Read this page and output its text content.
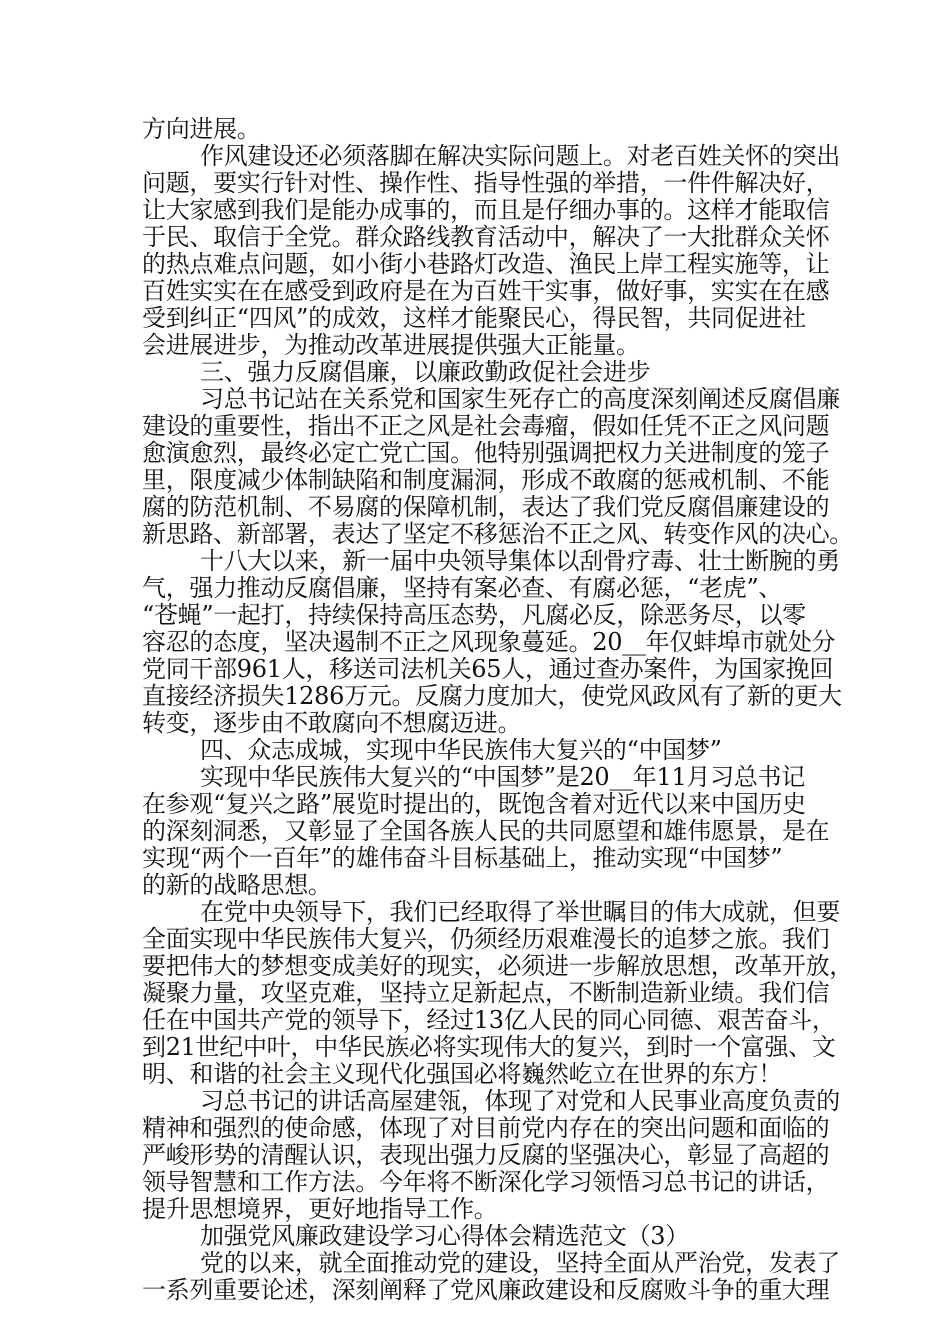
方向进展。
作风建设还必须落脚在解决实际问题上。对老百姓关怀的突出
问题，要实行针对性、操作性、指导性强的举措，一件件解决好，
让大家感到我们是能办成事的，而且是仔细办事的。这样才能取信
于民、取信于全党。群众路线教育活动中，解决了一大批群众关怀
的热点难点问题，如小街小巷路灯改造、渔民上岸工程实施等，让
百姓实实在在感受到政府是在为百姓干实事，做好事，实实在在感
受到纠正“四风”的成效，这样才能聚民心，得民智，共同促进社
会进展进步，为推动改革进展提供强大正能量。
三、强力反腐倡廉，以廉政勤政促社会进步
习总书记站在关系党和国家生死存亡的高度深刻阐述反腐倡廉
建设的重要性，指出不正之风是社会毒瘤，假如任凭不正之风问题
愈演愈烈，最终必定亡党亡国。他特别强调把权力关进制度的笼子
里，限度减少体制缺陷和制度漏洞，形成不敢腐的惩戒机制、不能
腐的防范机制、不易腐的保障机制，表达了我们党反腐倡廉建设的
新思路、新部署，表达了坚定不移惩治不正之风、转变作风的决心。
十八大以来，新一届中央领导集体以刮骨疗毒、壮士断腕的勇
气，强力推动反腐倡廉，坚持有案必查、有腐必惩，“老虎”、
“苍蝇”一起打，持续保持高压态势，凡腐必反，除恶务尽，以零
容忍的态度，坚决遏制不正之风现象蔓延。20__年仅蚌埠市就处分
党同干部961人，移送司法机关65人，通过查办案件，为国家挽回
直接经济损失1286万元。反腐力度加大，使党风政风有了新的更大
转变，逐步由不敢腐向不想腐迈进。
四、众志成城，实现中华民族伟大复兴的“中国梦”
实现中华民族伟大复兴的“中国梦”是20__年11月习总书记
在参观“复兴之路”展览时提出的，既饱含着对近代以来中国历史
的深刻洞悉，又彰显了全国各族人民的共同愿望和雄伟愿景，是在
实现“两个一百年”的雄伟奋斗目标基础上，推动实现“中国梦”
的新的战略思想。
在党中央领导下，我们已经取得了举世瞩目的伟大成就，但要
全面实现中华民族伟大复兴，仍须经历艰难漫长的追梦之旅。我们
要把伟大的梦想变成美好的现实，必须进一步解放思想，改革开放，
凝聚力量，攻坚克难，坚持立足新起点，不断制造新业绩。我们信
任在中国共产党的领导下，经过13亿人民的同心同德、艰苦奋斗，
到21世纪中叶，中华民族必将实现伟大的复兴，到时一个富强、文
明、和谐的社会主义现代化强国必将巍然屹立在世界的东方！
习总书记的讲话高屋建瓴，体现了对党和人民事业高度负责的
精神和强烈的使命感，体现了对目前党内存在的突出问题和面临的
严峻形势的清醒认识，表现出强力反腐的坚强决心，彰显了高超的
领导智慧和工作方法。今年将不断深化学习领悟习总书记的讲话，
提升思想境界，更好地指导工作。
加强党风廉政建设学习心得体会精选范文（3）
党的以来，就全面推动党的建设，坚持全面从严治党，发表了
一系列重要论述，深刻阐释了党风廉政建设和反腐败斗争的重大理
